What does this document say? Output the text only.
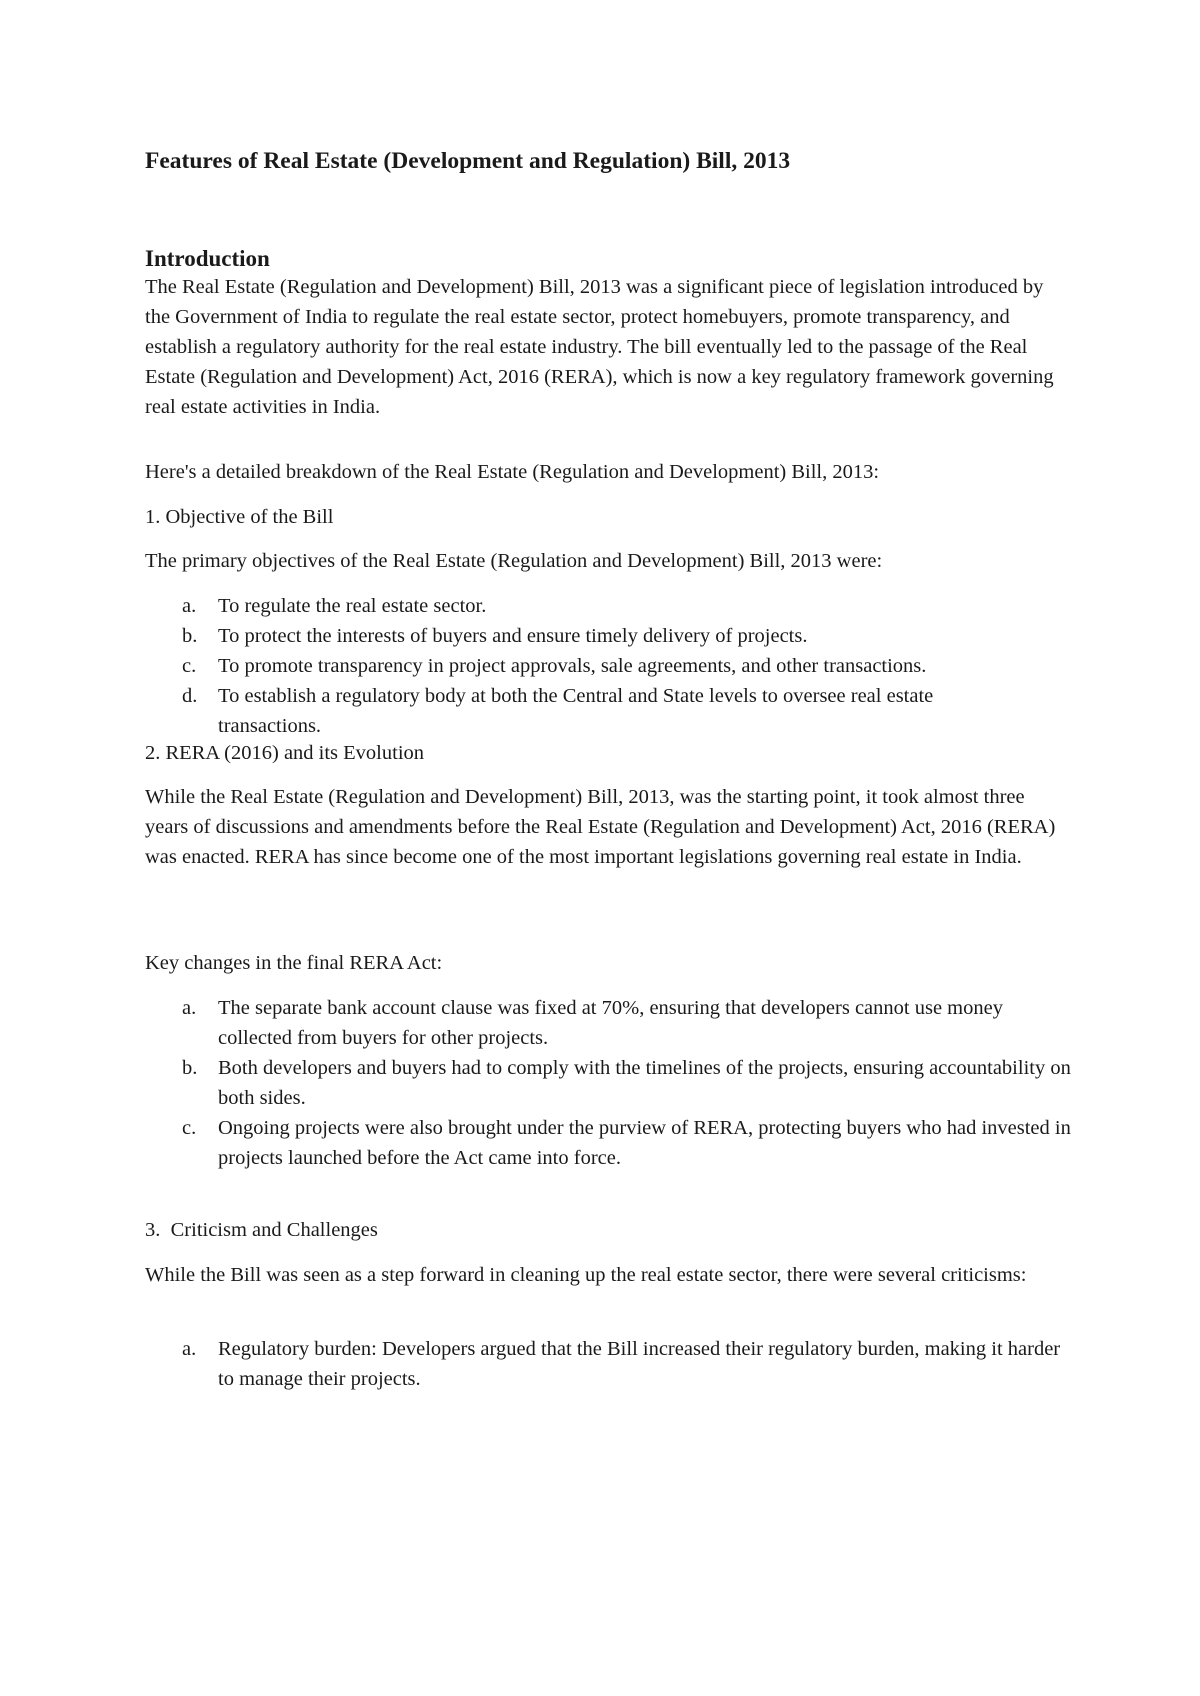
Features of Real Estate (Development and Regulation) Bill, 2013
Introduction

The Real Estate (Regulation and Development) Bill, 2013 was a significant piece of legislation introduced by the Government of India to regulate the real estate sector, protect homebuyers, promote transparency, and establish a regulatory authority for the real estate industry. The bill eventually led to the passage of the Real Estate (Regulation and Development) Act, 2016 (RERA), which is now a key regulatory framework governing real estate activities in India.

Here's a detailed breakdown of the Real Estate (Regulation and Development) Bill, 2013:

1. Objective of the Bill

The primary objectives of the Real Estate (Regulation and Development) Bill, 2013 were:

a. To regulate the real estate sector.
b. To protect the interests of buyers and ensure timely delivery of projects.
c. To promote transparency in project approvals, sale agreements, and other transactions.
d. To establish a regulatory body at both the Central and State levels to oversee real estate transactions.

2. RERA (2016) and its Evolution

While the Real Estate (Regulation and Development) Bill, 2013, was the starting point, it took almost three years of discussions and amendments before the Real Estate (Regulation and Development) Act, 2016 (RERA) was enacted. RERA has since become one of the most important legislations governing real estate in India.

Key changes in the final RERA Act:

a. The separate bank account clause was fixed at 70%, ensuring that developers cannot use money collected from buyers for other projects.
b. Both developers and buyers had to comply with the timelines of the projects, ensuring accountability on both sides.
c. Ongoing projects were also brought under the purview of RERA, protecting buyers who had invested in projects launched before the Act came into force.

3.  Criticism and Challenges

While the Bill was seen as a step forward in cleaning up the real estate sector, there were several criticisms:

a. Regulatory burden: Developers argued that the Bill increased their regulatory burden, making it harder to manage their projects.
